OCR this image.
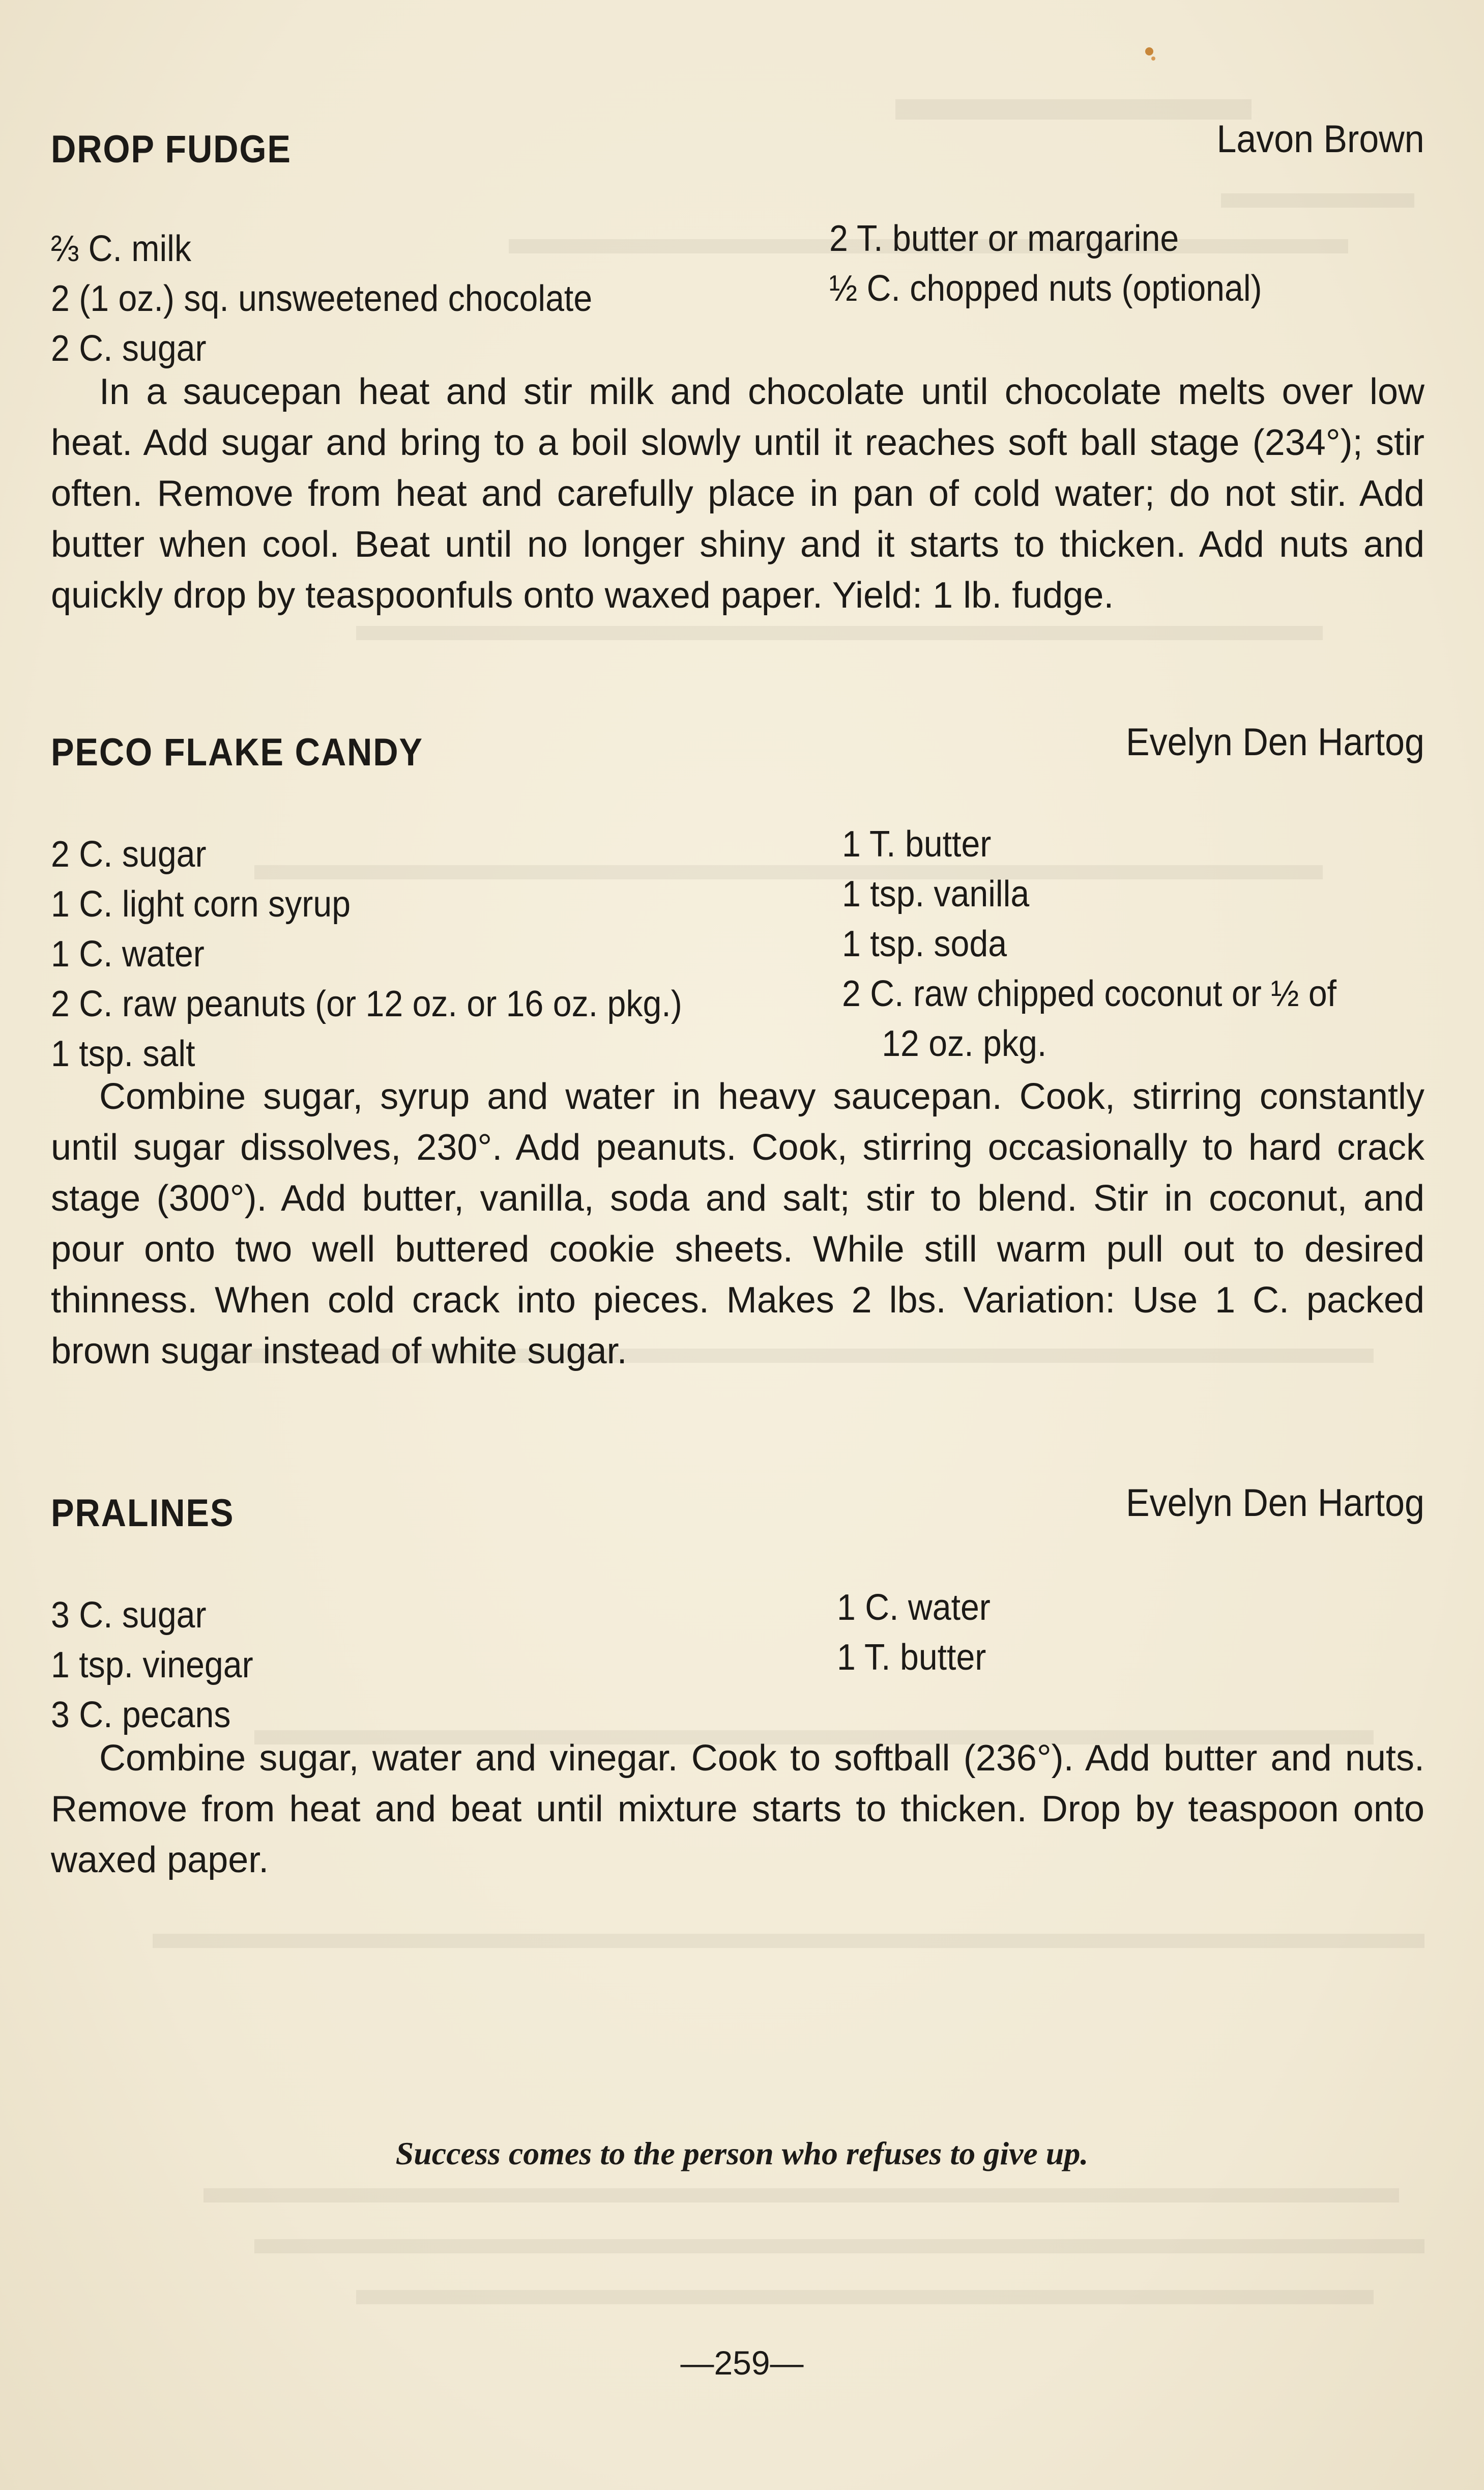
DROP FUDGE	Lavon Brown
⅔ C. milk
2 (1 oz.) sq. unsweetened chocolate
2 C. sugar
2 T. butter or margarine
½ C. chopped nuts (optional)
In a saucepan heat and stir milk and chocolate until chocolate melts over low heat. Add sugar and bring to a boil slowly until it reaches soft ball stage (234°); stir often. Remove from heat and carefully place in pan of cold water; do not stir. Add butter when cool. Beat until no longer shiny and it starts to thicken. Add nuts and quickly drop by teaspoonfuls onto waxed paper. Yield: 1 lb. fudge.
PECO FLAKE CANDY	Evelyn Den Hartog
2 C. sugar
1 C. light corn syrup
1 C. water
2 C. raw peanuts (or 12 oz. or 16 oz. pkg.)
1 tsp. salt
1 T. butter
1 tsp. vanilla
1 tsp. soda
2 C. raw chipped coconut or ½ of
12 oz. pkg.
Combine sugar, syrup and water in heavy saucepan. Cook, stirring constantly until sugar dissolves, 230°. Add peanuts. Cook, stirring occasionally to hard crack stage (300°). Add butter, vanilla, soda and salt; stir to blend. Stir in coconut, and pour onto two well buttered cookie sheets. While still warm pull out to desired thinness. When cold crack into pieces. Makes 2 lbs. Variation: Use 1 C. packed brown sugar instead of white sugar.
PRALINES	Evelyn Den Hartog
3 C. sugar
1 tsp. vinegar
3 C. pecans
1 C. water
1 T. butter
Combine sugar, water and vinegar. Cook to softball (236°). Add butter and nuts. Remove from heat and beat until mixture starts to thicken. Drop by teaspoon onto waxed paper.
Success comes to the person who refuses to give up.
—259—
